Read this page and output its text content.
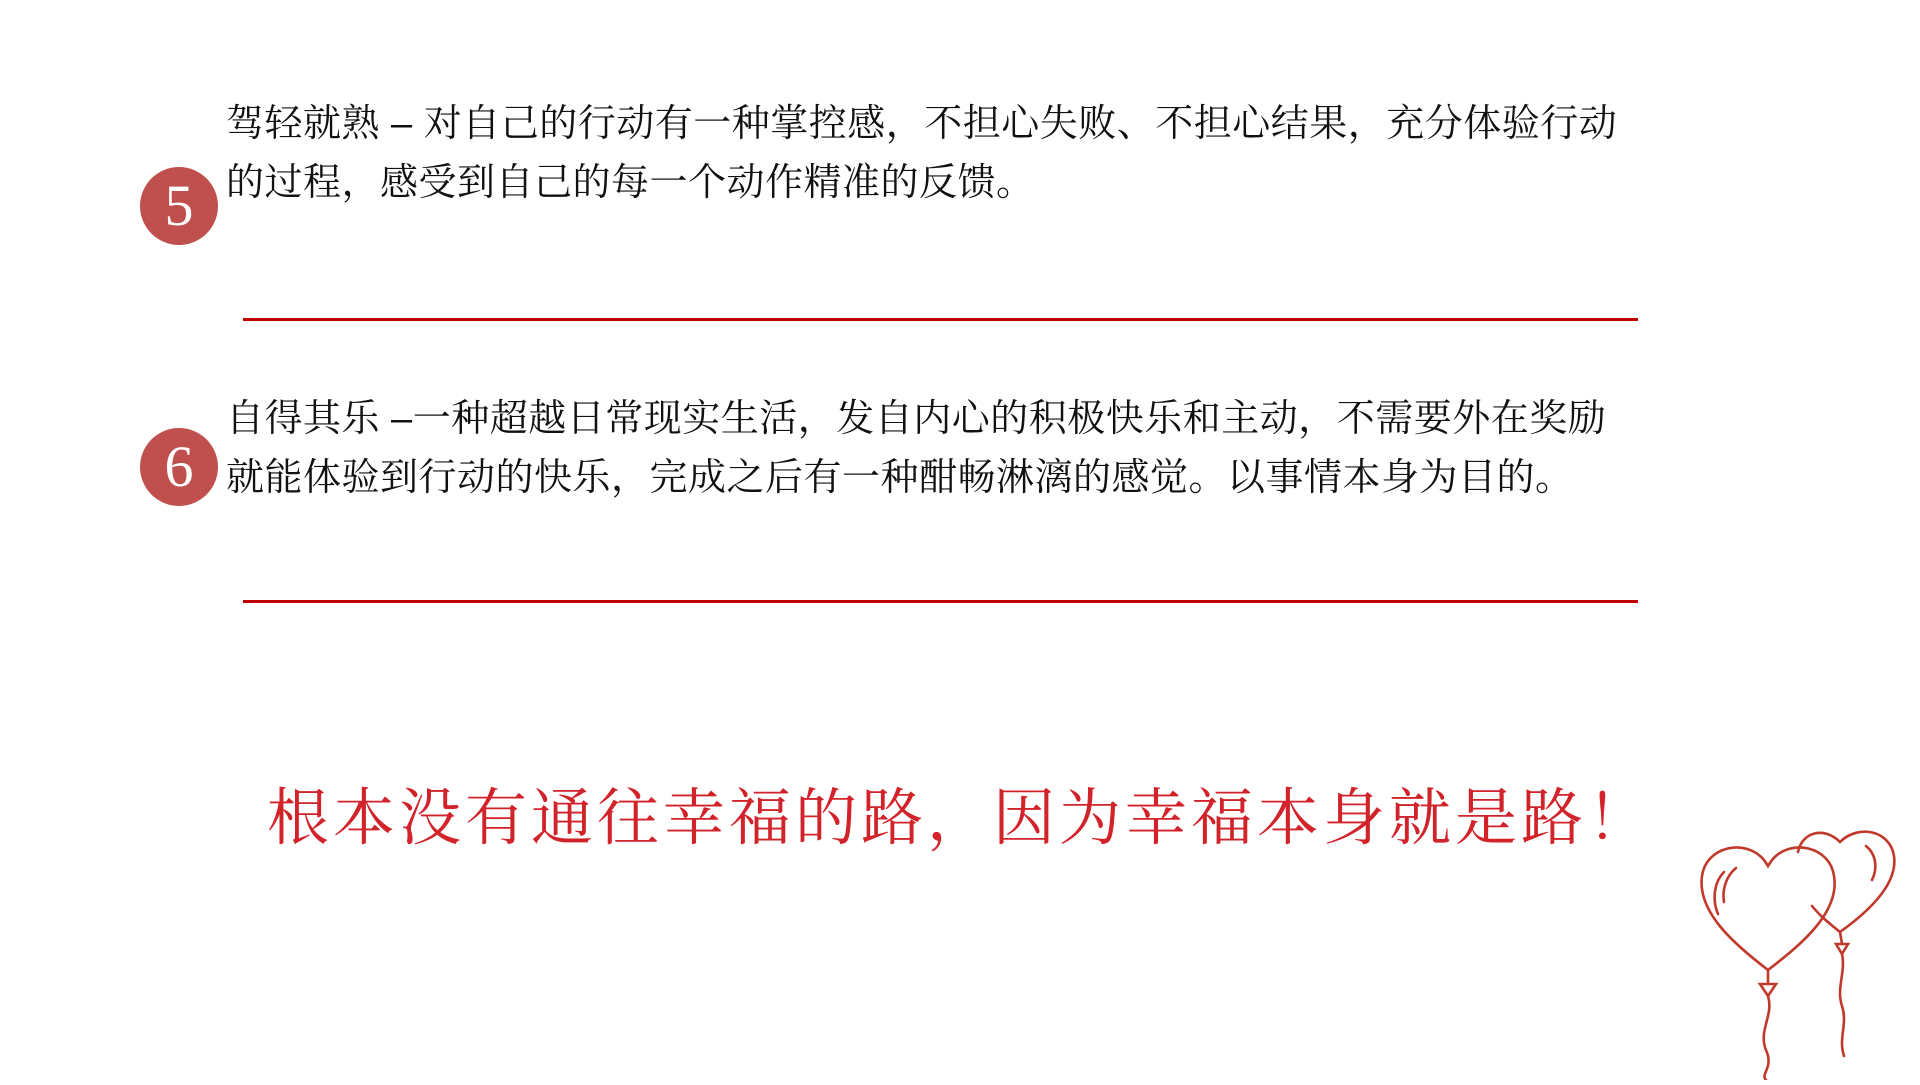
5
驾轻就熟 – 对自己的行动有一种掌控感，不担心失败、不担心结果，充分体验行动的过程，感受到自己的每一个动作精准的反馈。
6
自得其乐 –一种超越日常现实生活，发自内心的积极快乐和主动，不需要外在奖励就能体验到行动的快乐，完成之后有一种酣畅淋漓的感觉。以事情本身为目的。
根本没有通往幸福的路，因为幸福本身就是路！
